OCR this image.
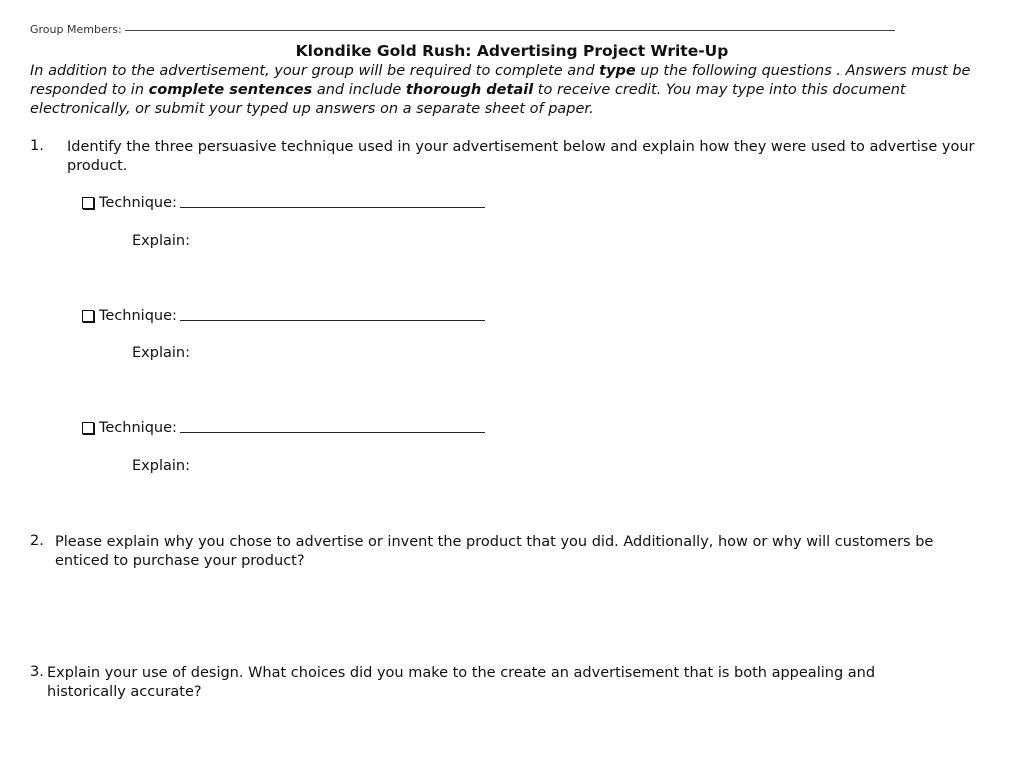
Group Members:
Klondike Gold Rush: Advertising Project Write-Up
In addition to the advertisement, your group will be required to complete and type up the following questions . Answers must be responded to in complete sentences and include thorough detail to receive credit. You may type into this document electronically, or submit your typed up answers on a separate sheet of paper.
1. Identify the three persuasive technique used in your advertisement below and explain how they were used to advertise your product.
Technique:
Explain:
Technique:
Explain:
Technique:
Explain:
2. Please explain why you chose to advertise or invent the product that you did. Additionally, how or why will customers be enticed to purchase your product?
3. Explain your use of design. What choices did you make to the create an advertisement that is both appealing and historically accurate?
